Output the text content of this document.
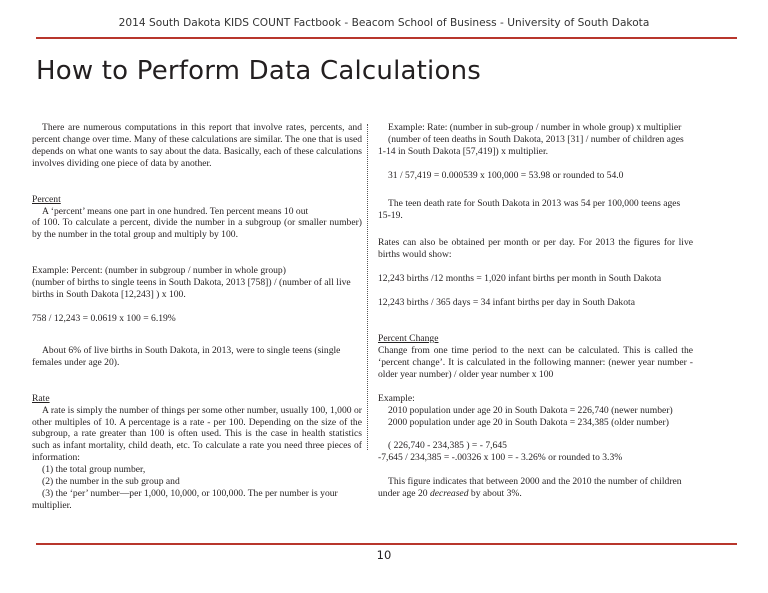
2014 South Dakota KIDS COUNT Factbook - Beacom School of Business - University of South Dakota
How to Perform Data Calculations

There are numerous computations in this report that involve rates, percents, and percent change over time. Many of these calculations are similar. The one that is used depends on what one wants to say about the data. Basically, each of these calculations involves dividing one piece of data by another.

Percent

A ‘percent’ means one part in one hundred. Ten percent means 10 out

of 100. To calculate a percent, divide the number in a subgroup (or smaller number) by the number in the total group and multiply by 100.

Example: Percent: (number in subgroup / number in whole group)

(number of births to single teens in South Dakota, 2013 [758]) / (number of all live births in South Dakota [12,243] ) x 100.

758 / 12,243 = 0.0619 x 100 = 6.19%

About 6% of live births in South Dakota, in 2013, were to single teens (single females under age 20).

Rate

A rate is simply the number of things per some other number, usually 100, 1,000 or other multiples of 10. A percentage is a rate - per 100. Depending on the size of the subgroup, a rate greater than 100 is often used. This is the case in health statistics such as infant mortality, child death, etc. To calculate a rate you need three pieces of information:

(1) the total group number,

(2) the number in the sub group and

(3) the ‘per’ number—per 1,000, 10,000, or 100,000. The per number is your multiplier.

Example: Rate: (number in sub-group / number in whole group) x multiplier

(number of teen deaths in South Dakota, 2013 [31] / number of children ages 1-14 in South Dakota [57,419]) x multiplier.

31 / 57,419 = 0.000539 x 100,000 = 53.98 or rounded to 54.0

The teen death rate for South Dakota in 2013 was 54 per 100,000 teens ages 15-19.

Rates can also be obtained per month or per day. For 2013 the figures for live births would show:

12,243 births /12 months = 1,020 infant births per month in South Dakota

12,243 births / 365 days = 34 infant births per day in South Dakota

Percent Change

Change from one time period to the next can be calculated. This is called the ‘percent change’. It is calculated in the following manner: (newer year number - older year number) / older year number x 100

Example:

2010 population under age 20 in South Dakota = 226,740 (newer number)

2000 population under age 20 in South Dakota = 234,385 (older number)

( 226,740 - 234,385 ) = - 7,645

-7,645 / 234,385 = -.00326 x 100 = - 3.26% or rounded to 3.3%

This figure indicates that between 2000 and the 2010 the number of children under age 20 decreased by about 3%.

10
